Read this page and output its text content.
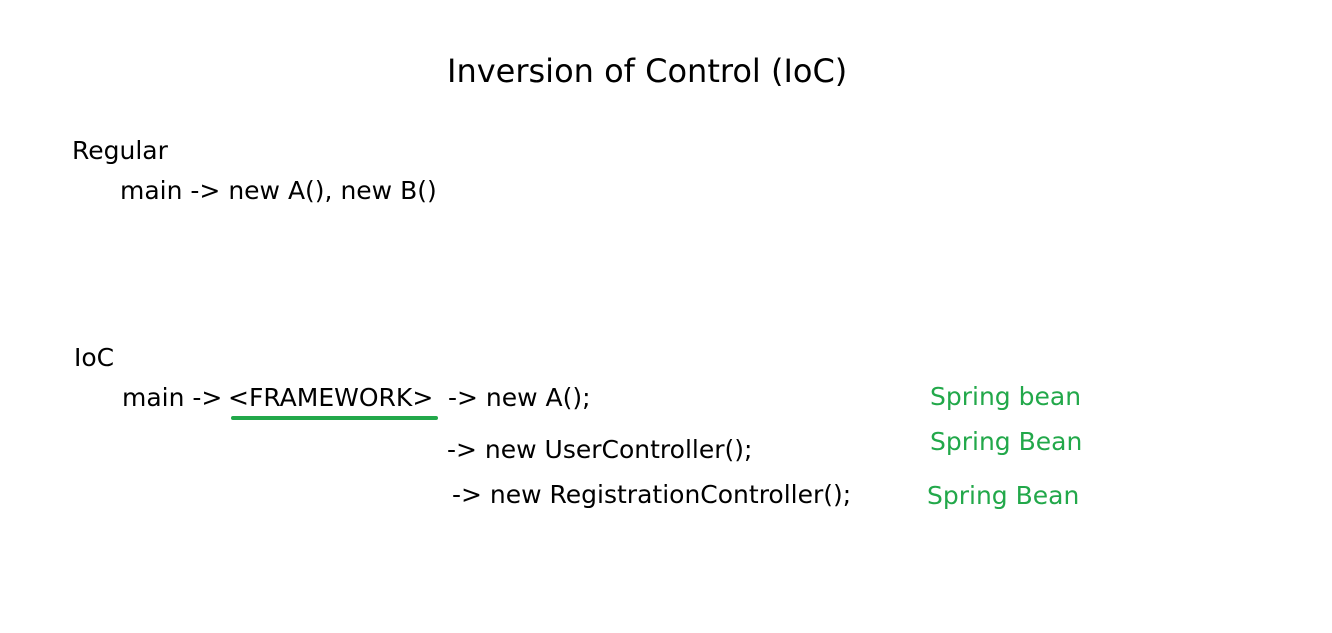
Inversion of Control (IoC)
Regular
main -> new A(), new B()
IoC
main -> <FRAMEWORK> -> new A();
-> new UserController();
-> new RegistrationController();
Spring bean
Spring Bean
Spring Bean
